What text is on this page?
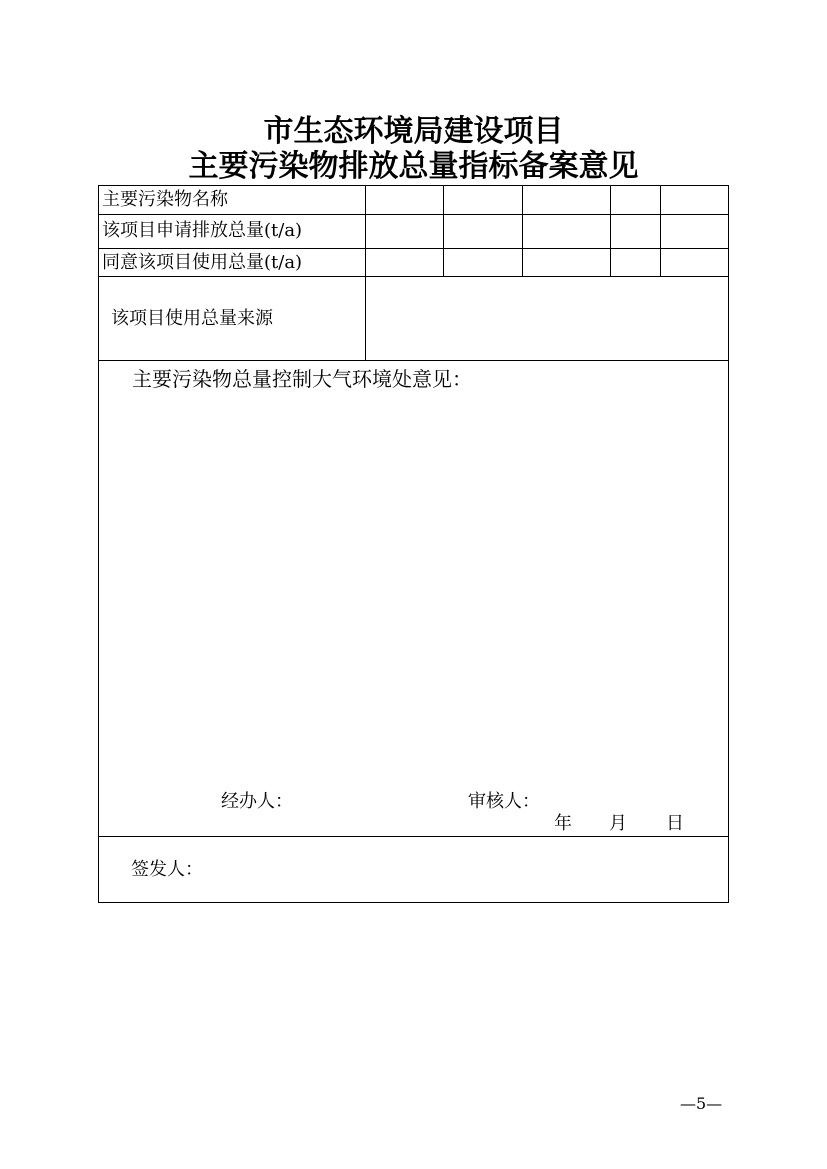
市生态环境局建设项目
主要污染物排放总量指标备案意见
主要污染物名称
该项目申请排放总量(t/a)
同意该项目使用总量(t/a)
该项目使用总量来源
主要污染物总量控制大气环境处意见：
经办人：	审核人：
年 月 日
签发人：
—5—
